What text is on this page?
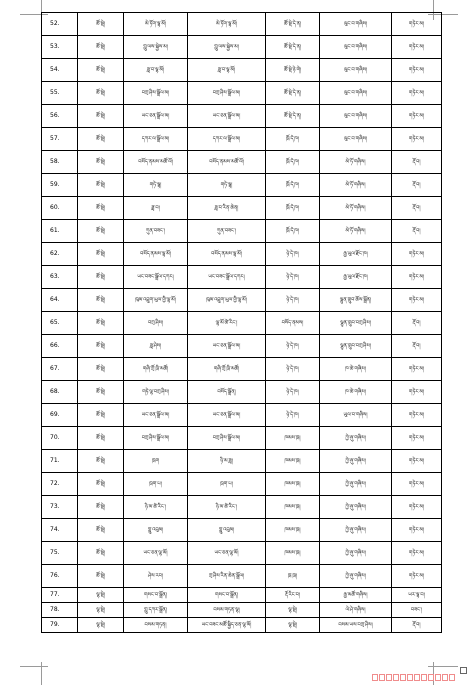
52.	ཚོ་སྡེ།	མེ་ཏོག་ལྷ་མོ།	མེ་ཏོག་ལྷ་མོ།	ཚོ་སྡེ་དེ་ན།	ལུང་བ་གཞིས།	གཏེར་མ།
53.	ཚོ་སྡེ།	ཀླུ་ལས་སྐྱེས་མ།	ཀླུ་ལས་སྐྱེས་མ།	ཚོ་སྡེ་དེ་ན།	ལུང་བ་གཞིས།	གཏེར་མ།
54.	ཚོ་སྡེ།	ཟླ་བ་ལྷ་མོ།	ཟླ་བ་ལྷ་མོ།	ཚོ་སྡེ་ཉེ་གེ།	ལུང་བ་གཞིས།	གཏེར་མ།
55.	ཚོ་སྡེ།	བཀྲ་ཤིས་སྒྲོལ་མ།	བཀྲ་ཤིས་སྒྲོལ་མ།	ཚོ་སྡེ་དེ་ན།	ལུང་བ་གཞིས།	གཏེར་མ།
56.	ཚོ་སྡེ།	ཡང་ཅན་སྒྲོལ་མ།	ཡང་ཅན་སྒྲོལ་མ།	ཚོ་སྡེ་དེ་ན།	ལུང་བ་གཞིས།	གཏེར་མ།
57.	ཚོ་སྡེ།	དཀར་ལ་སྒྲོལ་མ།	དཀར་ལ་སྒྲོལ་མ།	ཁྲོ་དེ་ཁ།	ལུང་བ་གཞིས།	གཏེར་མ།
58.	ཚོ་སྡེ།	བསོད་ནམས་མཚོ་ལོ།	བསོད་ནམས་མཚོ་ལོ།	ཁྲོ་དེ་ཁ།	མེ་ཏོ་གཞིས།	རྡོ་བ།
59.	ཚོ་སྡེ།	གཏེ་ལྷ།	གཏེ་ལྷ།	ཁྲོ་དེ་ཁ།	མེ་ཏོ་གཞིས།	རྡོ་བ།
60.	ཚོ་སྡེ།	ཟླ་བ།	ཟླ་བ་རིན་ཆེན།	ཁྲོ་དེ་ཁ།	མེ་ཏོ་གཞིས།	རྡོ་བ།
61.	ཚོ་སྡེ།	ཀུན་བཟང་།	ཀུན་བཟང་།	ཁྲོ་དེ་ཁ།	མེ་ཏོ་གཞིས།	རྡོ་བ།
62.	ཚོ་སྡེ།	བསོད་ནམས་ལྷ་མོ།	བསོད་ནམས་ལྷ་མོ།	ཉེ་དེ་ཁ།	རྒྱ་ཡུལ་རྫོང་ཁ།	གཏེར་མ།
63.	ཚོ་སྡེ།	ཡང་བཟང་སྒྲོལ་དཀར།	ཡང་བཟང་སྒྲོལ་དཀར།	ཉེ་དེ་ཁ།	རྒྱ་ཡུལ་རྫོང་ཁ།	གཏེར་མ།
64.	ཚོ་སྡེ།	ཁུམ་འབྲུག་ཡུལ་གྱི་ལྷ་མོ།	ཁུམ་འབྲུག་ཡུལ་གྱི་ལྷ་མོ།	ཉེ་དེ་ཁ།	ལྷུན་གྲུབ་ཆོས་སྒྲོན།	གཏེར་མ།
65.	ཚོ་སྡེ།	བཀྲ་ཤིས།	ལྷ་མོ་ཚེ་རིང་།	བསོད་ནམས།	ལྷུན་གྲུབ་བཀྲ་ཤིས།	རྡོ་བ།
66.	ཚོ་སྡེ།	ཟླ་ཤེས།	ཡང་ཅན་སྒྲོལ་མ།	ཉེ་དེ་ཁ།	ལྷུན་གྲུབ་བཀྲ་ཤིས།	རྡོ་བ།
67.	ཚོ་སྡེ།	གཞི་ཀྲོ་ཁྲི་མཚོ།	གཞི་ཀྲོ་ཁྲི་མཚོ།	ཉེ་དེ་ཁ།	ཁ་ཆེ་གཞིས།	གཏེར་མ།
68.	ཚོ་སྡེ།	གཏེ་ལྷ་བཀྲ་ཤིས།	བསོད་སྒྲོན།	ཉེ་དེ་ཁ།	ཁ་ཆེ་གཞིས།	གཏེར་མ།
69.	ཚོ་སྡེ།	ཡང་ཅན་སྒྲོལ་མ།	ཡང་ཅན་སྒྲོལ་མ།	ཉེ་དེ་ཁ།	ཡུལ་བ་གཞིས།	གཏེར་མ།
70.	ཚོ་སྡེ།	བཀྲ་ཤིས་སྒྲོལ་མ།	བཀྲ་ཤིས་སྒྲོལ་མ།	ཁམས་ཁྲ།	ཀྱེ་ཞུ་གཞིས།	གཏེར་མ།
71.	ཚོ་སྡེ།	ཁྲག	ཉི་མ་ཟླ།	ཁམས་ཁྲ།	ཀྱེ་ཞུ་གཞིས།	གཏེར་མ།
72.	ཚོ་སྡེ།	ཁྲག་པ།	ཁྲག་པ།	ཁམས་ཁྲ།	ཀྱེ་ཞུ་གཞིས།	གཏེར་མ།
73.	ཚོ་སྡེ།	ཉི་མ་ཚེ་རིང་།	ཉི་མ་ཚེ་རིང་།	ཁམས་ཁྲ།	ཀྱེ་ཞུ་གཞིས།	གཏེར་མ།
74.	ཚོ་སྡེ།	ཀླུ་འབུམ།	ཀླུ་འབུམ།	ཁམས་ཁྲ།	ཀྱེ་ཞུ་གཞིས།	གཏེར་མ།
75.	ཚོ་སྡེ།	ཡང་ཅན་ལྷ་མོ།	ཡང་ཅན་ལྷ་མོ།	ཁམས་ཁྲ།	ཀྱེ་ཞུ་གཞིས།	གཏེར་མ།
76.	ཚོ་སྡེ།	ཤེས་རབ།	ཀྲ་ཤིས་རིན་ཆེན་སྒྲོལ།	ཁྲ་ཁྲ།	ཀྱེ་ཞུ་གཞིས།	གཏེར་མ།
77.	ལྷ་སྡེ།	གསང་བ་སྒྲོན།	གསང་བ་སྒྲོན།	རྡོ་རིང་བ།	རྒྱ་མཚོ་གཞིས།	ཡར་ལྷ་བ།
78.	ལྷ་སྡེ།	ཀླུ་དཀར་སྒྲོན།	བསམ་གཏན་ལྷ།	ལྷ་སྡེ།	ལེ་ཤེ་གཞིས།	བཟང་།
79.	ལྷ་སྡེ།	བསམ་གཏན།	ཡང་བཟང་མཚོ་སྐྱིད་ཅན་ལྷ་མོ།	ལྷ་སྡེ།	བསམ་ཡས་བཀྲ་ཤིས།	རྡོ་བ།
